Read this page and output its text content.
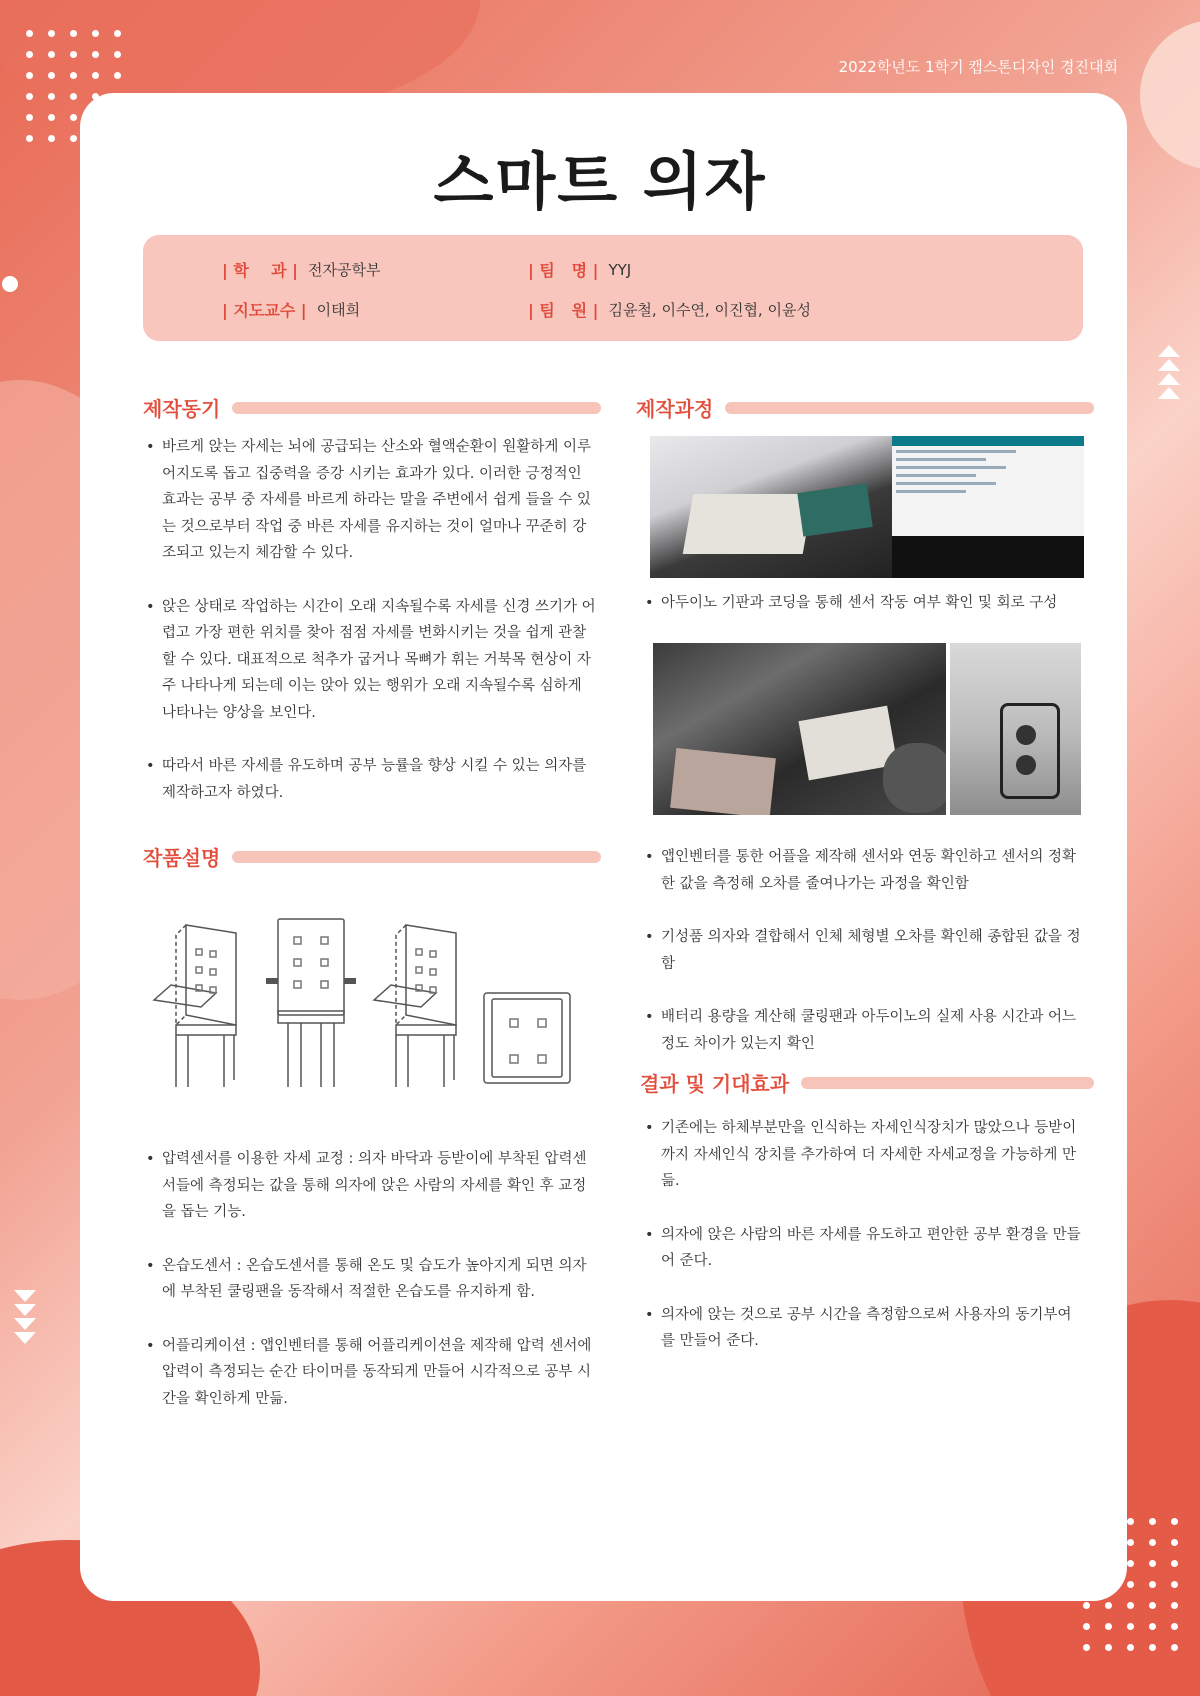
2022학년도 1학기 캡스톤디자인 경진대회
스마트 의자
| 학    과 | 전자공학부
| 지도교수 | 이태희
| 팀   명 | YYJ
| 팀   원 | 김윤철, 이수연, 이진협, 이윤성
제작동기
• 바르게 앉는 자세는 뇌에 공급되는 산소와 혈액순환이 원활하게 이루어지도록 돕고 집중력을 증강 시키는 효과가 있다. 이러한 긍정적인 효과는 공부 중 자세를 바르게 하라는 말을 주변에서 쉽게 들을 수 있는 것으로부터 작업 중 바른 자세를 유지하는 것이 얼마나 꾸준히 강조되고 있는지 체감할 수 있다.
• 앉은 상태로 작업하는 시간이 오래 지속될수록 자세를 신경 쓰기가 어렵고 가장 편한 위치를 찾아 점점 자세를 변화시키는 것을 쉽게 관찰할 수 있다. 대표적으로 척추가 굽거나 목뼈가 휘는 거북목 현상이 자주 나타나게 되는데 이는 앉아 있는 행위가 오래 지속될수록 심하게 나타나는 양상을 보인다.
• 따라서 바른 자세를 유도하며 공부 능률을 향상 시킬 수 있는 의자를 제작하고자 하였다.
작품설명
• 압력센서를 이용한 자세 교정 : 의자 바닥과 등받이에 부착된 압력센서들에 측정되는 값을 통해 의자에 앉은 사람의 자세를 확인 후 교정을 돕는 기능.
• 온습도센서 : 온습도센서를 통해 온도 및 습도가 높아지게 되면 의자에 부착된 쿨링팬을 동작해서 적절한 온습도를 유지하게 함.
• 어플리케이션 : 앱인벤터를 통해 어플리케이션을 제작해 압력 센서에 압력이 측정되는 순간 타이머를 동작되게 만들어 시각적으로 공부 시간을 확인하게 만듦.
제작과정
• 아두이노 기판과 코딩을 통해 센서 작동 여부 확인 및 회로 구성
• 앱인벤터를 통한 어플을 제작해 센서와 연동 확인하고 센서의 정확한 값을 측정해 오차를 줄여나가는 과정을 확인함
• 기성품 의자와 결합해서 인체 체형별 오차를 확인해 종합된 값을 정함
• 배터리 용량을 계산해 쿨링팬과 아두이노의 실제 사용 시간과 어느 정도 차이가 있는지 확인
결과 및 기대효과
• 기존에는 하체부분만을 인식하는 자세인식장치가 많았으나 등받이까지 자세인식 장치를 추가하여 더 자세한 자세교정을 가능하게 만듦.
• 의자에 앉은 사람의 바른 자세를 유도하고 편안한 공부 환경을 만들어 준다.
• 의자에 앉는 것으로 공부 시간을 측정함으로써 사용자의 동기부여를 만들어 준다.
